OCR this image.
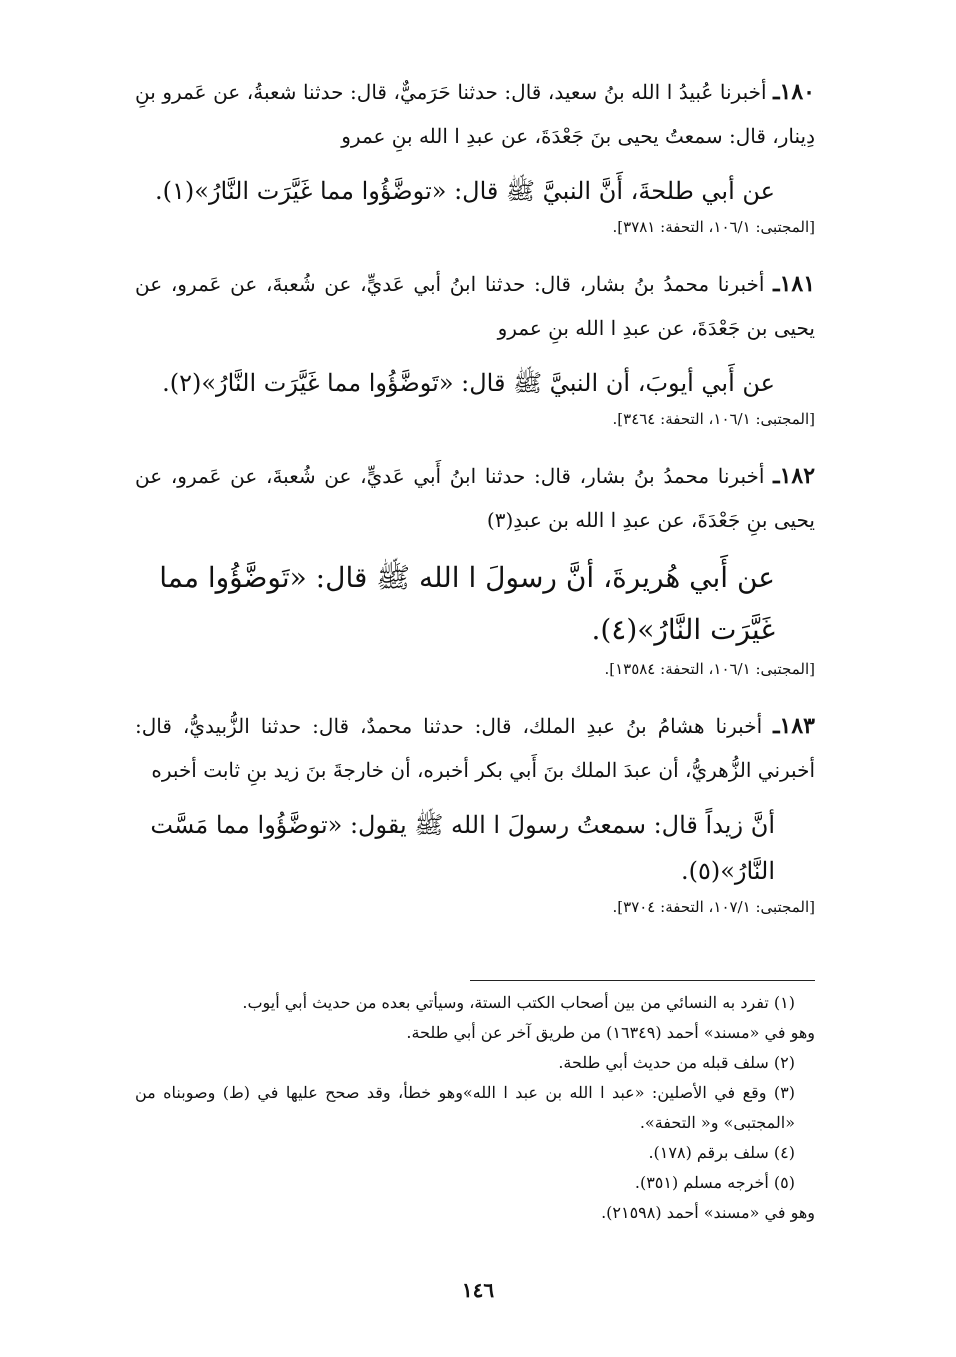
١٨٠ـ أخبرنا عُبيدُ ا الله بنُ سعيد، قال: حدثنا حَرَميٌّ، قال: حدثنا شعبةُ، عن عَمرو بنِ دِينار، قال: سمعتُ يحيى بنَ جَعْدَةَ، عن عبدِ ا الله بنِ عمرو

عن أبي طلحةَ، أَنَّ النبيَّ ﷺ قال: «توضَّؤُوا مما غَيَّرَت النَّارُ»(١).

[المجتبى: ١٠٦/١، التحفة: ٣٧٨١].

١٨١ـ أخبرنا محمدُ بنُ بشار، قال: حدثنا ابنُ أبي عَديٍّ، عن شُعبةَ، عن عَمرو، عن يحيى بن جَعْدَةَ، عن عبدِ ا الله بنِ عمرو

عن أَبي أيوبَ، أن النبيَّ ﷺ قال: «تَوضَّؤُوا مما غَيَّرَت النَّارُ»(٢).

[المجتبى: ١٠٦/١، التحفة: ٣٤٦٤].

١٨٢ـ أخبرنا محمدُ بنُ بشار، قال: حدثنا ابنُ أَبي عَديٍّ، عن شُعبةَ، عن عَمرو، عن يحيى بنِ جَعْدَةَ، عن عبدِ ا الله بن عبدِ(٣)

عن أَبي هُريرةَ، أنَّ رسولَ ا الله ﷺ قال: «تَوضَّؤُوا مما غَيَّرَت النَّارُ»(٤).

[المجتبى: ١٠٦/١، التحفة: ١٣٥٨٤].

١٨٣ـ أخبرنا هشامُ بنُ عبدِ الملك، قال: حدثنا محمدٌ، قال: حدثنا الزُّبيديُّ، قال: أخبرني الزُّهريُّ، أن عبدَ الملك بنَ أَبي بكر أخبره، أن خارجةَ بنَ زيد بنِ ثابت أخبره

أنَّ زيداً قال: سمعتُ رسولَ ا الله ﷺ يقول: «توضَّؤُوا مما مَسَّت النَّارُ»(٥).

[المجتبى: ١٠٧/١، التحفة: ٣٧٠٤].

(١) تفرد به النسائي من بين أصحاب الكتب الستة، وسيأتي بعده من حديث أبي أيوب.

وهو في «مسند» أحمد (١٦٣٤٩) من طريق آخر عن أبي طلحة.

(٢) سلف قبله من حديث أبي طلحة.

(٣) وقع في الأصلين: «عبد ا الله بن عبد ا الله»وهو خطأ، وقد صحح عليها في (ط) وصوبناه من «المجتبى» و« التحفة».

(٤) سلف برقم (١٧٨).

(٥) أخرجه مسلم (٣٥١).

وهو في «مسند» أحمد (٢١٥٩٨).

١٤٦
